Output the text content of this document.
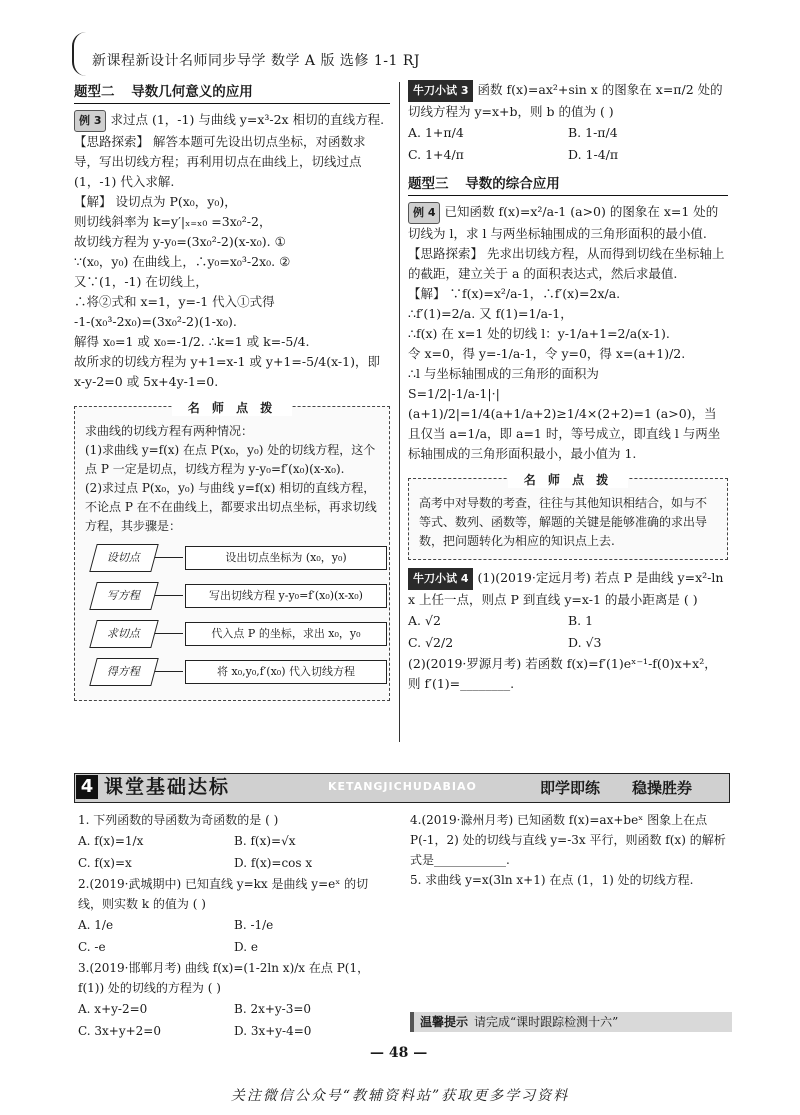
新课程新设计名师同步导学 数学 A 版 选修 1-1 RJ
题型二 导数几何意义的应用

例 3 求过点 (1，-1) 与曲线 y=x³-2x 相切的直线方程.

【思路探索】 解答本题可先设出切点坐标，对函数求导，写出切线方程；再利用切点在曲线上，切线过点 (1，-1) 代入求解.

【解】 设切点为 P(x₀，y₀)，

则切线斜率为 k=y′|ₓ₌ₓ₀ =3x₀²-2，

故切线方程为 y-y₀=(3x₀²-2)(x-x₀). ①

∵(x₀，y₀) 在曲线上，∴y₀=x₀³-2x₀. ②

又∵(1，-1) 在切线上，

∴将②式和 x=1，y=-1 代入①式得

-1-(x₀³-2x₀)=(3x₀²-2)(1-x₀).

解得 x₀=1 或 x₀=-1/2. ∴k=1 或 k=-5/4.

故所求的切线方程为 y+1=x-1 或 y+1=-5/4(x-1)，即 x-y-2=0 或 5x+4y-1=0.

名 师 点 拨

求曲线的切线方程有两种情况：

(1)求曲线 y=f(x) 在点 P(x₀，y₀) 处的切线方程，这个点 P 一定是切点，切线方程为 y-y₀=f′(x₀)(x-x₀).

(2)求过点 P(x₀，y₀) 与曲线 y=f(x) 相切的直线方程，不论点 P 在不在曲线上，都要求出切点坐标，再求切线方程，其步骤是：

设切点	设出切点坐标为 (x₀，y₀)
写方程	写出切线方程 y-y₀=f′(x₀)(x-x₀)
求切点	代入点 P 的坐标，求出 x₀，y₀
得方程	将 x₀,y₀,f′(x₀) 代入切线方程

牛刀小试 3 函数 f(x)=ax²+sin x 的图象在 x=π/2 处的切线方程为 y=x+b，则 b 的值为 ( )

A. 1+π/4	B. 1-π/4
C. 1+4/π	D. 1-4/π
题型三 导数的综合应用

例 4 已知函数 f(x)=x²/a-1 (a>0) 的图象在 x=1 处的切线为 l，求 l 与两坐标轴围成的三角形面积的最小值.

【思路探索】 先求出切线方程，从而得到切线在坐标轴上的截距，建立关于 a 的面积表达式，然后求最值.

【解】 ∵f(x)=x²/a-1，∴f′(x)=2x/a.

∴f′(1)=2/a. 又 f(1)=1/a-1，

∴f(x) 在 x=1 处的切线 l：y-1/a+1=2/a(x-1).

令 x=0，得 y=-1/a-1，令 y=0，得 x=(a+1)/2.

∴l 与坐标轴围成的三角形的面积为

S=1/2|-1/a-1|·|(a+1)/2|=1/4(a+1/a+2)≥1/4×(2+2)=1 (a>0)，当且仅当 a=1/a，即 a=1 时，等号成立，即直线 l 与两坐标轴围成的三角形面积最小，最小值为 1.

名 师 点 拨

高考中对导数的考查，往往与其他知识相结合，如与不等式、数列、函数等，解题的关键是能够准确的求出导数，把问题转化为相应的知识点上去.

牛刀小试 4 (1)(2019·定远月考) 若点 P 是曲线 y=x²-ln x 上任一点，则点 P 到直线 y=x-1 的最小距离是 ( )

A. √2	B. 1
C. √2/2	D. √3

(2)(2019·罗源月考) 若函数 f(x)=f′(1)eˣ⁻¹-f(0)x+x²，则 f′(1)=________.

4 课堂基础达标	KETANGJICHUDABIAO	即学即练 稳操胜券

1. 下列函数的导函数为奇函数的是 ( )

A. f(x)=1/x	B. f(x)=√x
C. f(x)=x	D. f(x)=cos x

2.(2019·武城期中) 已知直线 y=kx 是曲线 y=eˣ 的切线，则实数 k 的值为 ( )

A. 1/e	B. -1/e
C. -e	D. e

3.(2019·邯郸月考) 曲线 f(x)=(1-2ln x)/x 在点 P(1，f(1)) 处的切线的方程为 ( )

A. x+y-2=0	B. 2x+y-3=0
C. 3x+y+2=0	D. 3x+y-4=0

4.(2019·滁州月考) 已知函数 f(x)=ax+beˣ 图象上在点 P(-1，2) 处的切线与直线 y=-3x 平行，则函数 f(x) 的解析式是____________.

5. 求曲线 y=x(3ln x+1) 在点 (1，1) 处的切线方程.

温馨提示 请完成“课时跟踪检测十六”
— 48 —
关注微信公众号“教辅资料站”获取更多学习资料
